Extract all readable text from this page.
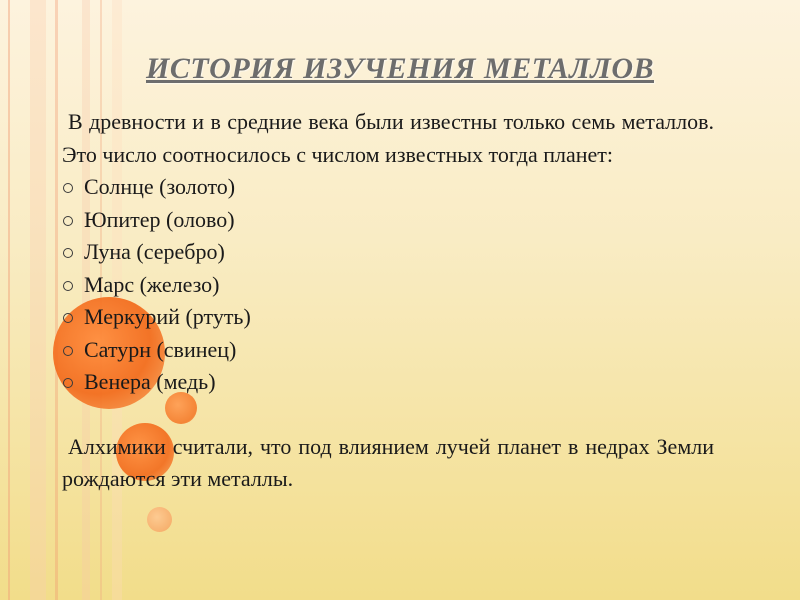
ИСТОРИЯ ИЗУЧЕНИЯ МЕТАЛЛОВ

В древности и в средние века были известны только семь металлов. Это число соотносилось с числом известных тогда планет:

Солнце (золото)
Юпитер (олово)
Луна (серебро)
Марс (железо)
Меркурий (ртуть)
Сатурн (свинец)
Венера (медь)

Алхимики считали, что под влиянием лучей планет в недрах Земли рождаются эти металлы.
